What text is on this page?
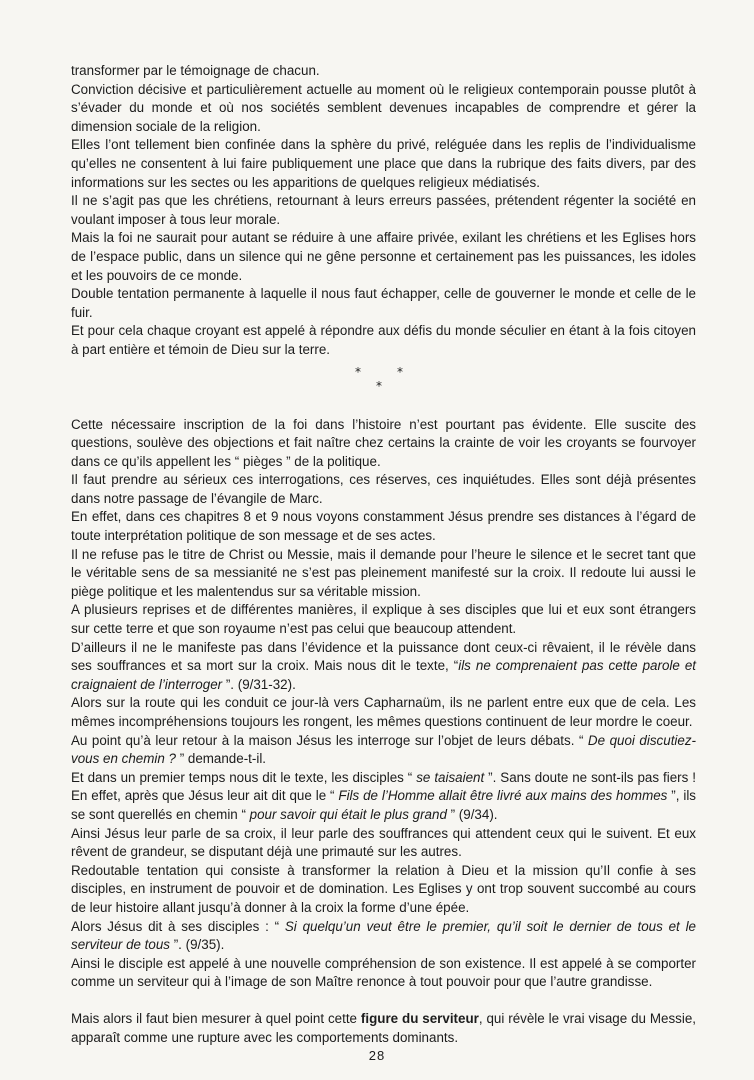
transformer par le témoignage de chacun.

Conviction décisive et particulièrement actuelle au moment où le religieux contemporain pousse plutôt à s’évader du monde et où nos sociétés semblent devenues incapables de comprendre et gérer la dimension sociale de la religion.

Elles l’ont tellement bien confinée dans la sphère du privé, reléguée dans les replis de l’individualisme qu’elles ne consentent à lui faire publiquement une place que dans la rubrique des faits divers, par des informations sur les sectes ou les apparitions de quelques religieux médiatisés.

Il ne s’agit pas que les chrétiens, retournant à leurs erreurs passées, prétendent régenter la société en voulant imposer à tous leur morale.

Mais la foi ne saurait pour autant se réduire à une affaire privée, exilant les chrétiens et les Eglises hors de l’espace public, dans un silence qui ne gêne personne et certainement pas les puissances, les idoles et les pouvoirs de ce monde.

Double tentation permanente à laquelle il nous faut échapper, celle de gouverner le monde et celle de le fuir.

Et pour cela chaque croyant est appelé à répondre aux défis du monde séculier en étant à la fois citoyen à part entière et témoin de Dieu sur la terre.

*	*
*

Cette nécessaire inscription de la foi dans l’histoire n’est pourtant pas évidente. Elle suscite des questions, soulève des objections et fait naître chez certains la crainte de voir les croyants se fourvoyer dans ce qu’ils appellent les “ pièges ” de la politique.

Il faut prendre au sérieux ces interrogations, ces réserves, ces inquiétudes. Elles sont déjà présentes dans notre passage de l’évangile de Marc.

En effet, dans ces chapitres 8 et 9 nous voyons constamment Jésus prendre ses distances à l’égard de toute interprétation politique de son message et de ses actes.

Il ne refuse pas le titre de Christ ou Messie, mais il demande pour l’heure le silence et le secret tant que le véritable sens de sa messianité ne s’est pas pleinement manifesté sur la croix. Il redoute lui aussi le piège politique et les malentendus sur sa véritable mission.

A plusieurs reprises et de différentes manières, il explique à ses disciples que lui et eux sont étrangers sur cette terre et que son royaume n’est pas celui que beaucoup attendent.

D’ailleurs il ne le manifeste pas dans l’évidence et la puissance dont ceux-ci rêvaient, il le révèle dans ses souffrances et sa mort sur la croix. Mais nous dit le texte, “ils ne comprenaient pas cette parole et craignaient de l’interroger ”. (9/31-32).

Alors sur la route qui les conduit ce jour-là vers Capharnaüm, ils ne parlent entre eux que de cela. Les mêmes incompréhensions toujours les rongent, les mêmes questions continuent de leur mordre le coeur.

Au point qu’à leur retour à la maison Jésus les interroge sur l’objet de leurs débats. “ De quoi discutiez-vous en chemin ? ” demande-t-il.

Et dans un premier temps nous dit le texte, les disciples “ se taisaient ”. Sans doute ne sont-ils pas fiers ! En effet, après que Jésus leur ait dit que le “ Fils de l’Homme allait être livré aux mains des hommes ”, ils se sont querellés en chemin “ pour savoir qui était le plus grand ” (9/34).

Ainsi Jésus leur parle de sa croix, il leur parle des souffrances qui attendent ceux qui le suivent. Et eux rêvent de grandeur, se disputant déjà une primauté sur les autres.

Redoutable tentation qui consiste à transformer la relation à Dieu et la mission qu’Il confie à ses disciples, en instrument de pouvoir et de domination. Les Eglises y ont trop souvent succombé au cours de leur histoire allant jusqu’à donner à la croix la forme d’une épée.

Alors Jésus dit à ses disciples : “ Si quelqu’un veut être le premier, qu’il soit le dernier de tous et le serviteur de tous ”. (9/35).

Ainsi le disciple est appelé à une nouvelle compréhension de son existence. Il est appelé à se comporter comme un serviteur qui à l’image de son Maître renonce à tout pouvoir pour que l’autre grandisse.

Mais alors il faut bien mesurer à quel point cette figure du serviteur, qui révèle le vrai visage du Messie, apparaît comme une rupture avec les comportements dominants.

28
